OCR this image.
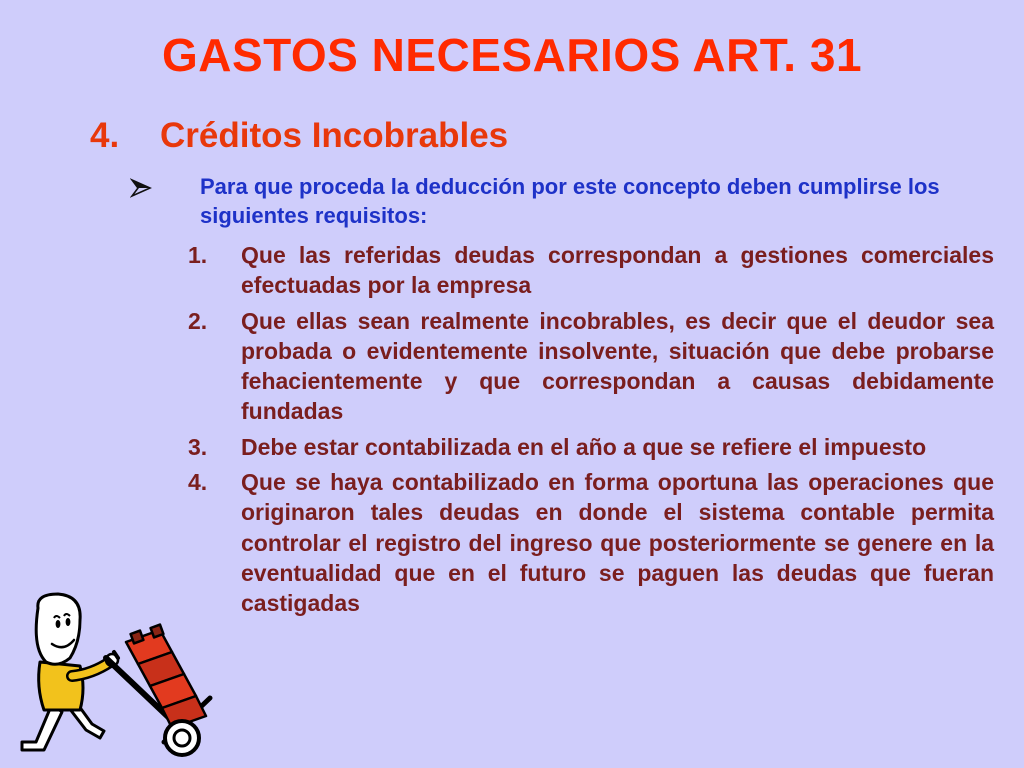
GASTOS NECESARIOS ART. 31
4. Créditos Incobrables
Para que proceda la deducción por este concepto deben cumplirse los siguientes requisitos:
1.	Que las referidas deudas correspondan a gestiones comerciales efectuadas por la empresa
2.	Que ellas sean realmente incobrables, es decir que el deudor sea probada o evidentemente insolvente, situación que debe probarse fehacientemente y que correspondan a causas debidamente fundadas
3.	Debe estar contabilizada en el año a que se refiere el impuesto
4.	Que se haya contabilizado en forma oportuna las operaciones que originaron tales deudas en donde el sistema contable permita controlar el registro del ingreso que posteriormente se genere en la eventualidad que en el futuro se paguen las deudas que fueran castigadas
